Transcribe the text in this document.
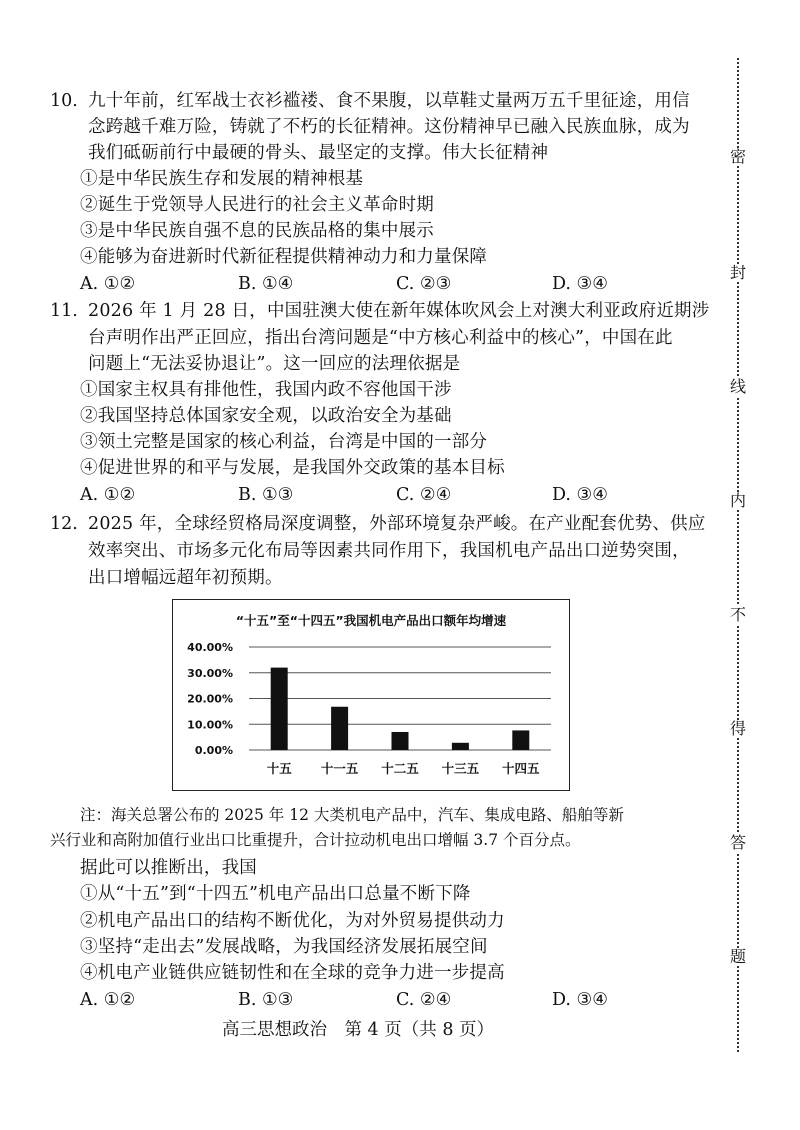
10. 九十年前，红军战士衣衫褴褛、食不果腹，以草鞋丈量两万五千里征途，用信
念跨越千难万险，铸就了不朽的长征精神。这份精神早已融入民族血脉，成为
我们砥砺前行中最硬的骨头、最坚定的支撑。伟大长征精神
①是中华民族生存和发展的精神根基
②诞生于党领导人民进行的社会主义革命时期
③是中华民族自强不息的民族品格的集中展示
④能够为奋进新时代新征程提供精神动力和力量保障
A. ①②	B. ①④	C. ②③	D. ③④
11. 2026 年 1 月 28 日，中国驻澳大使在新年媒体吹风会上对澳大利亚政府近期涉
台声明作出严正回应，指出台湾问题是“中方核心利益中的核心”，中国在此
问题上“无法妥协退让”。这一回应的法理依据是
①国家主权具有排他性，我国内政不容他国干涉
②我国坚持总体国家安全观，以政治安全为基础
③领土完整是国家的核心利益，台湾是中国的一部分
④促进世界的和平与发展，是我国外交政策的基本目标
A. ①②	B. ①③	C. ②④	D. ③④
12. 2025 年，全球经贸格局深度调整，外部环境复杂严峻。在产业配套优势、供应
效率突出、市场多元化布局等因素共同作用下，我国机电产品出口逆势突围，
出口增幅远超年初预期。
“十五”至“十四五”我国机电产品出口额年均增速
0.00%
10.00%
20.00%
30.00%
40.00%
十五 十一五 十二五 十三五 十四五
注：海关总署公布的 2025 年 12 大类机电产品中，汽车、集成电路、船舶等新
兴行业和高附加值行业出口比重提升，合计拉动机电出口增幅 3.7 个百分点。
据此可以推断出，我国
①从“十五”到“十四五”机电产品出口总量不断下降
②机电产品出口的结构不断优化，为对外贸易提供动力
③坚持“走出去”发展战略，为我国经济发展拓展空间
④机电产业链供应链韧性和在全球的竞争力进一步提高
A. ①②	B. ①③	C. ②④	D. ③④
高三思想政治　第 4 页（共 8 页）
密
封
线
内
不
得
答
题
